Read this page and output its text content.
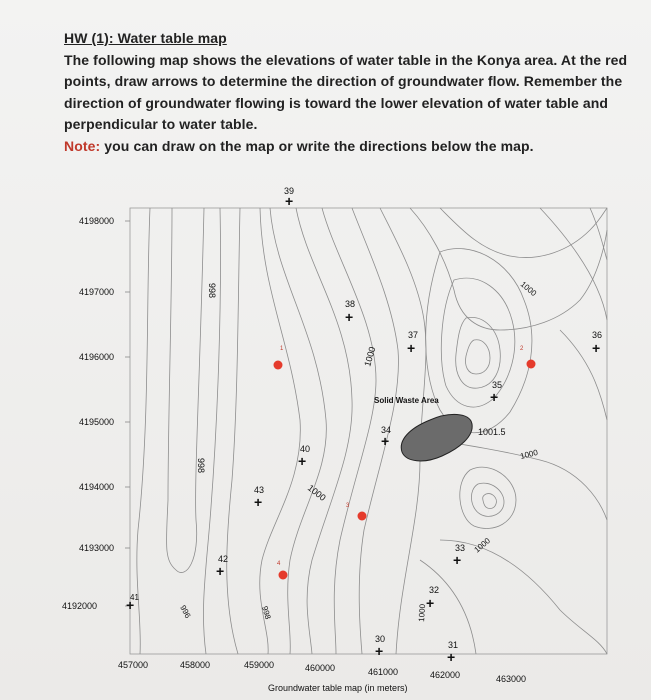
HW (1): Water table map
The following map shows the elevations of water table in the Konya area. At the red points, draw arrows to determine the direction of groundwater flow. Remember the direction of groundwater flowing is toward the lower elevation of water table and perpendicular to water table.
Note: you can draw on the map or write the directions below the map.
4198000
4197000
4196000
4195000
4194000
4193000
4192000
457000	458000	459000	460000	461000	462000	463000
Groundwater table map (in meters)
998
998
996	998
1000
1000
1000
1000
1001.5
1000
1000
Solid Waste Area
+
39
+
38
+
37
+
36
+
35
+
34
+
40
+
43
+
42
+
41
+
33
+
32
+
31
+
30
1	2
3
4
